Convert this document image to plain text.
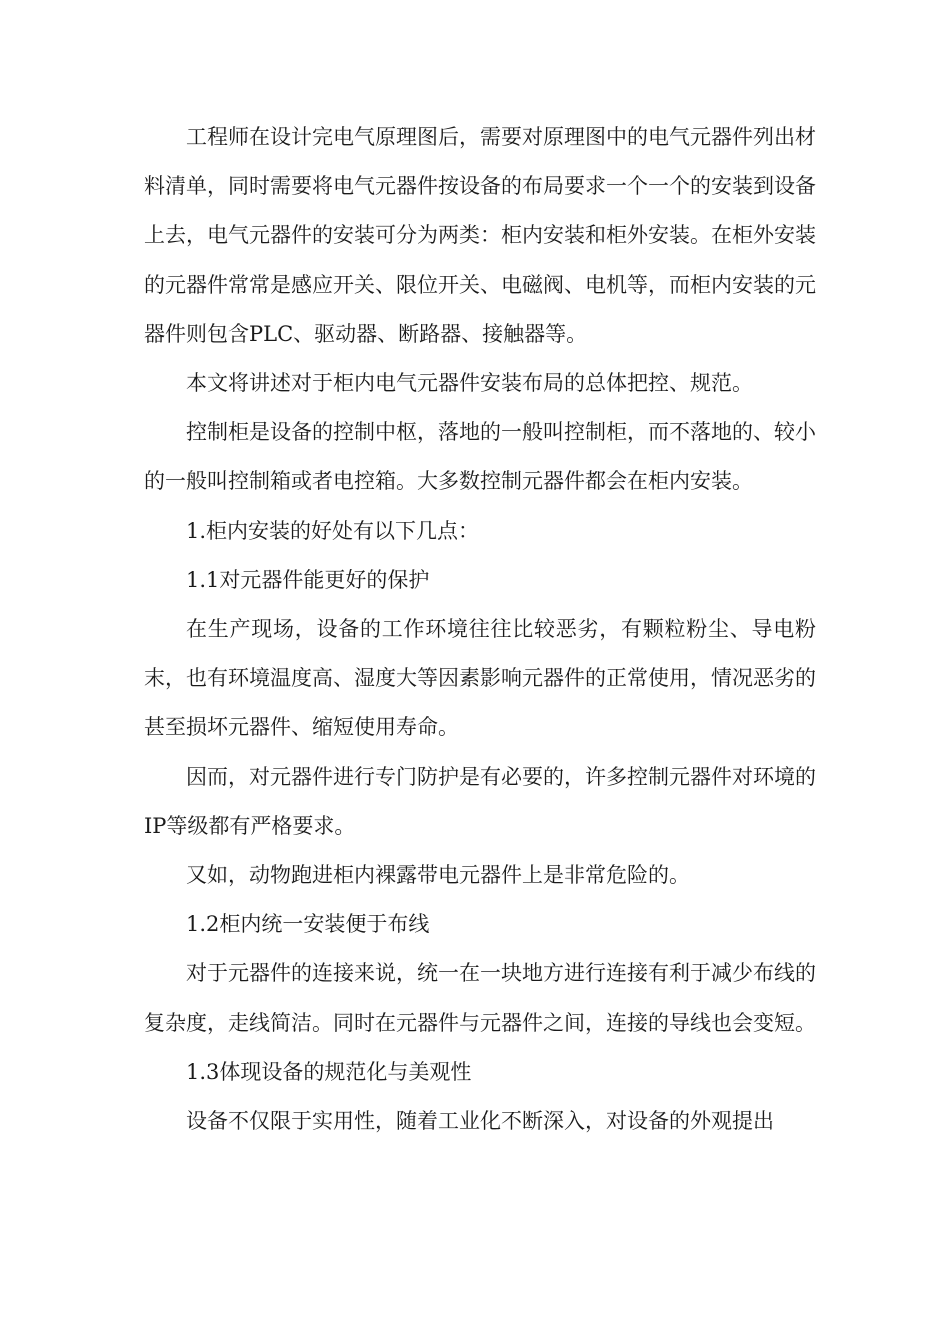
工程师在设计完电气原理图后，需要对原理图中的电气元器件列出材料清单，同时需要将电气元器件按设备的布局要求一个一个的安装到设备上去，电气元器件的安装可分为两类：柜内安装和柜外安装。在柜外安装的元器件常常是感应开关、限位开关、电磁阀、电机等，而柜内安装的元器件则包含PLC、驱动器、断路器、接触器等。

本文将讲述对于柜内电气元器件安装布局的总体把控、规范。

控制柜是设备的控制中枢，落地的一般叫控制柜，而不落地的、较小的一般叫控制箱或者电控箱。大多数控制元器件都会在柜内安装。

1.柜内安装的好处有以下几点：

1.1对元器件能更好的保护

在生产现场，设备的工作环境往往比较恶劣，有颗粒粉尘、导电粉末，也有环境温度高、湿度大等因素影响元器件的正常使用，情况恶劣的甚至损坏元器件、缩短使用寿命。

因而，对元器件进行专门防护是有必要的，许多控制元器件对环境的IP等级都有严格要求。

又如，动物跑进柜内裸露带电元器件上是非常危险的。

1.2柜内统一安装便于布线

对于元器件的连接来说，统一在一块地方进行连接有利于减少布线的复杂度，走线简洁。同时在元器件与元器件之间，连接的导线也会变短。

1.3体现设备的规范化与美观性

设备不仅限于实用性，随着工业化不断深入，对设备的外观提出
